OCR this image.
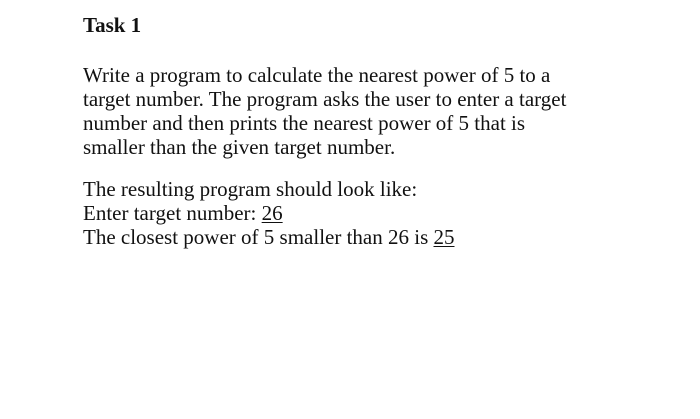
Task 1
Write a program to calculate the nearest power of 5 to a
target number. The program asks the user to enter a target
number and then prints the nearest power of 5 that is
smaller than the given target number.
The resulting program should look like:
Enter target number: 26
The closest power of 5 smaller than 26 is 25
